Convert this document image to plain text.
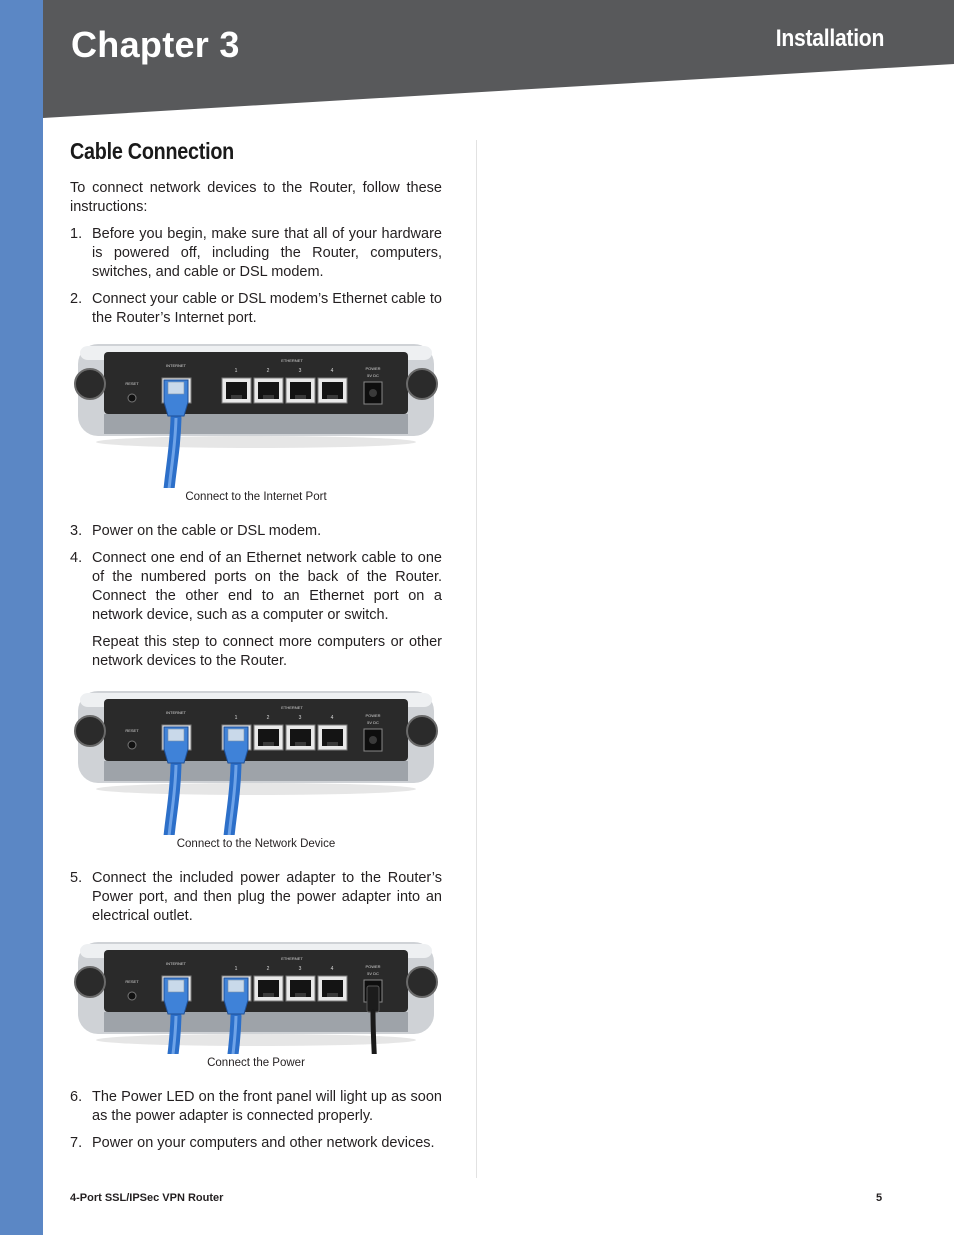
Chapter 3	Installation
Cable Connection

To connect network devices to the Router, follow these instructions:

1. Before you begin, make sure that all of your hardware is powered off, including the Router, computers, switches, and cable or DSL modem.
2. Connect your cable or DSL modem’s Ethernet cable to the Router’s Internet port.
RESET
INTERNET
ETHERNET
1	2	3	4	POWER
5V DC
Connect to the Internet Port
3. Power on the cable or DSL modem.
4. Connect one end of an Ethernet network cable to one of the numbered ports on the back of the Router. Connect the other end to an Ethernet port on a network device, such as a computer or switch.

Repeat this step to connect more computers or other network devices to the Router.

RESET
INTERNET
ETHERNET
1	2	3	4	POWER
5V DC
Connect to the Network Device
5. Connect the included power adapter to the Router’s Power port, and then plug the power adapter into an electrical outlet.
RESET
INTERNET
ETHERNET
1	2	3	4	POWER
5V DC
Connect the Power
6. The Power LED on the front panel will light up as soon as the power adapter is connected properly.
7. Power on your computers and other network devices.
4-Port SSL/IPSec VPN Router	5
